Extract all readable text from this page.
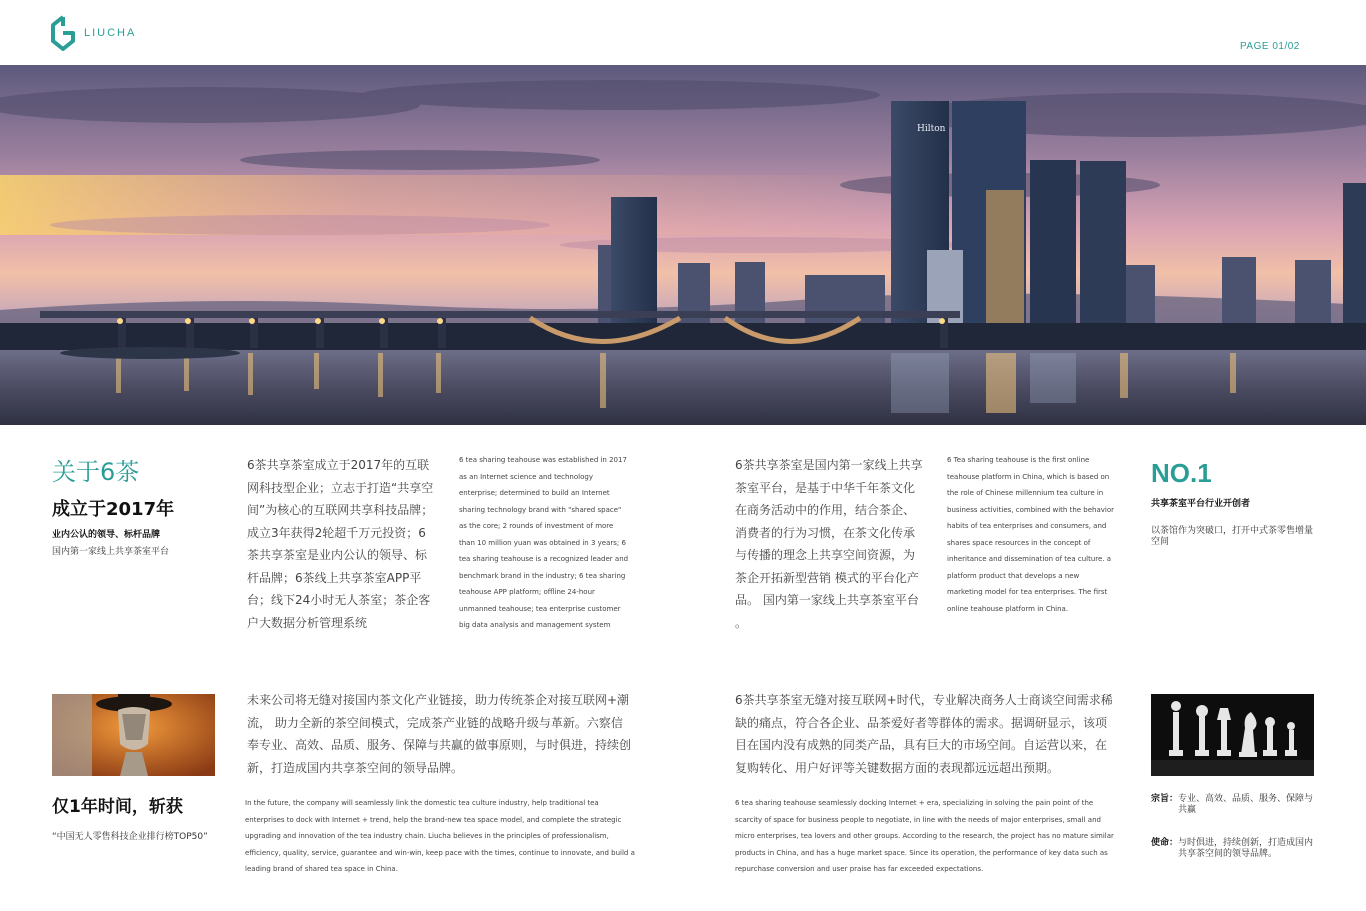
LIUCHA
PAGE 01/02
Hilton
关于6茶
成立于2017年
业内公认的领导、标杆品牌
国内第一家线上共享茶室平台
6茶共享茶室成立于2017年的互联网科技型企业；立志于打造“共享空间”为核心的互联网共享科技品牌；成立3年获得2轮超千万元投资；6茶共享茶室是业内公认的领导、标杆品牌；6茶线上共享茶室APP平台；线下24小时无人茶室；茶企客户大数据分析管理系统
6 tea sharing teahouse was established in 2017 as an Internet science and technology enterprise; determined to build an Internet sharing technology brand with "shared space" as the core; 2 rounds of investment of more than 10 million yuan was obtained in 3 years; 6 tea sharing teahouse is a recognized leader and benchmark brand in the industry; 6 tea sharing teahouse APP platform; offline 24-hour unmanned teahouse; tea enterprise customer big data analysis and management system
6茶共享茶室是国内第一家线上共享茶室平台，是基于中华千年茶文化在商务活动中的作用，结合茶企、消费者的行为习惯，在茶文化传承与传播的理念上共享空间资源，为茶企开拓新型营销 模式的平台化产品。 国内第一家线上共享茶室平台 。
6 Tea sharing teahouse is the first online teahouse platform in China, which is based on the role of Chinese millennium tea culture in business activities, combined with the behavior habits of tea enterprises and consumers, and shares space resources in the concept of inheritance and dissemination of tea culture. a platform product that develops a new marketing model for tea enterprises. The first online teahouse platform in China.
NO.1
共享茶室平台行业开创者
以茶馆作为突破口，打开中式茶零售增量空间
仅1年时间，斩获
“中国无人零售科技企业排行榜TOP50”
未来公司将无缝对接国内茶文化产业链接，助力传统茶企对接互联网+潮流， 助力全新的茶空间模式，完成茶产业链的战略升级与革新。六察信奉专业、高效、品质、服务、保障与共赢的做事原则，与时俱进，持续创新，打造成国内共享茶空间的领导品牌。
In the future, the company will seamlessly link the domestic tea culture industry, help traditional tea enterprises to dock with Internet + trend, help the brand-new tea space model, and complete the strategic upgrading and innovation of the tea industry chain. Liucha believes in the principles of professionalism, efficiency, quality, service, guarantee and win-win, keep pace with the times, continue to innovate, and build a leading brand of shared tea space in China.
6茶共享茶室无缝对接互联网+时代，专业解决商务人士商谈空间需求稀缺的痛点，符合各企业、品茶爱好者等群体的需求。据调研显示，该项目在国内没有成熟的同类产品，具有巨大的市场空间。自运营以来，在复购转化、用户好评等关键数据方面的表现都远远超出预期。
6 tea sharing teahouse seamlessly docking Internet + era, specializing in solving the pain point of the scarcity of space for business people to negotiate, in line with the needs of major enterprises, small and micro enterprises, tea lovers and other groups. According to the research, the project has no mature similar products in China, and has a huge market space. Since its operation, the performance of key data such as repurchase conversion and user praise has far exceeded expectations.
宗旨： 专业、高效、品质、服务、保障与共赢
使命： 与时俱进，持续创新，打造成国内共享茶空间的领导品牌。
